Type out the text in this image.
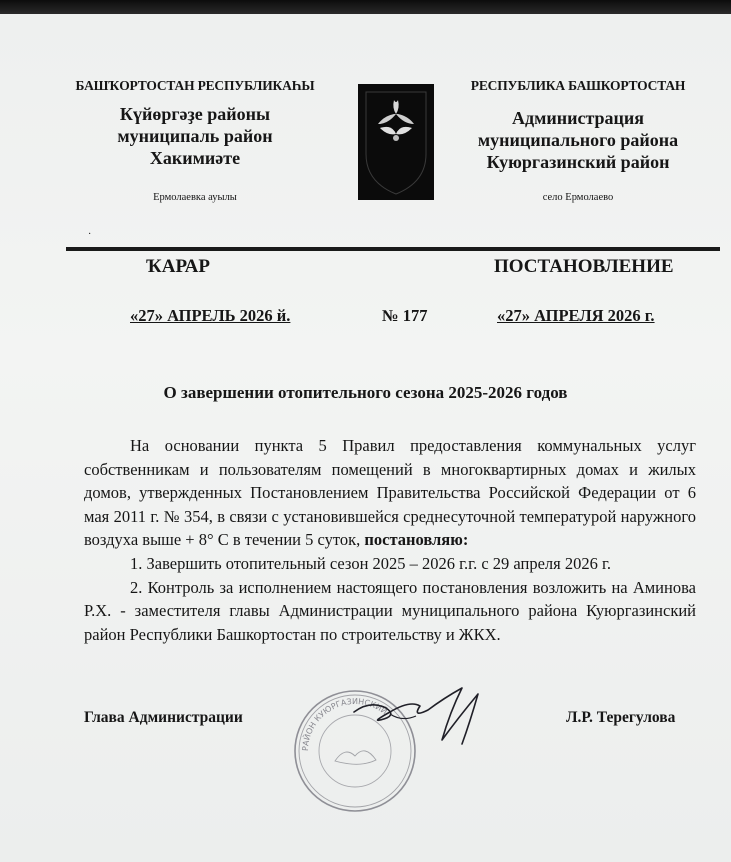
БАШҠОРТОСТАН РЕСПУБЛИКАҺЫ
Күйөргәҙе районы
муниципаль район
Хакимиәте
Ермолаевка ауылы
РЕСПУБЛИКА БАШКОРТОСТАН
Администрация
муниципального района
Куюргазинский район
село Ермолаево
·
ҠАРАР	ПОСТАНОВЛЕНИЕ
«27» АПРЕЛЬ 2026 й.	№ 177	«27» АПРЕЛЯ 2026 г.
О завершении отопительного сезона 2025-2026 годов

На основании пункта 5 Правил предоставления коммунальных услуг собственникам и пользователям помещений в многоквартирных домах и жилых домов, утвержденных Постановлением Правительства Российской Федерации от 6 мая 2011 г. № 354, в связи с установившейся среднесуточной температурой наружного воздуха выше + 8° С в течении 5 суток, постановляю:

1. Завершить отопительный сезон 2025 – 2026 г.г. с 29 апреля 2026 г.

2. Контроль за исполнением настоящего постановления возложить на Аминова Р.Х. - заместителя главы Администрации муниципального района Куюргазинский район Республики Башкортостан по строительству и ЖКХ.

РАЙОН КУЮРГАЗИНСКИЙ
Глава Администрации	Л.Р. Терегулова
